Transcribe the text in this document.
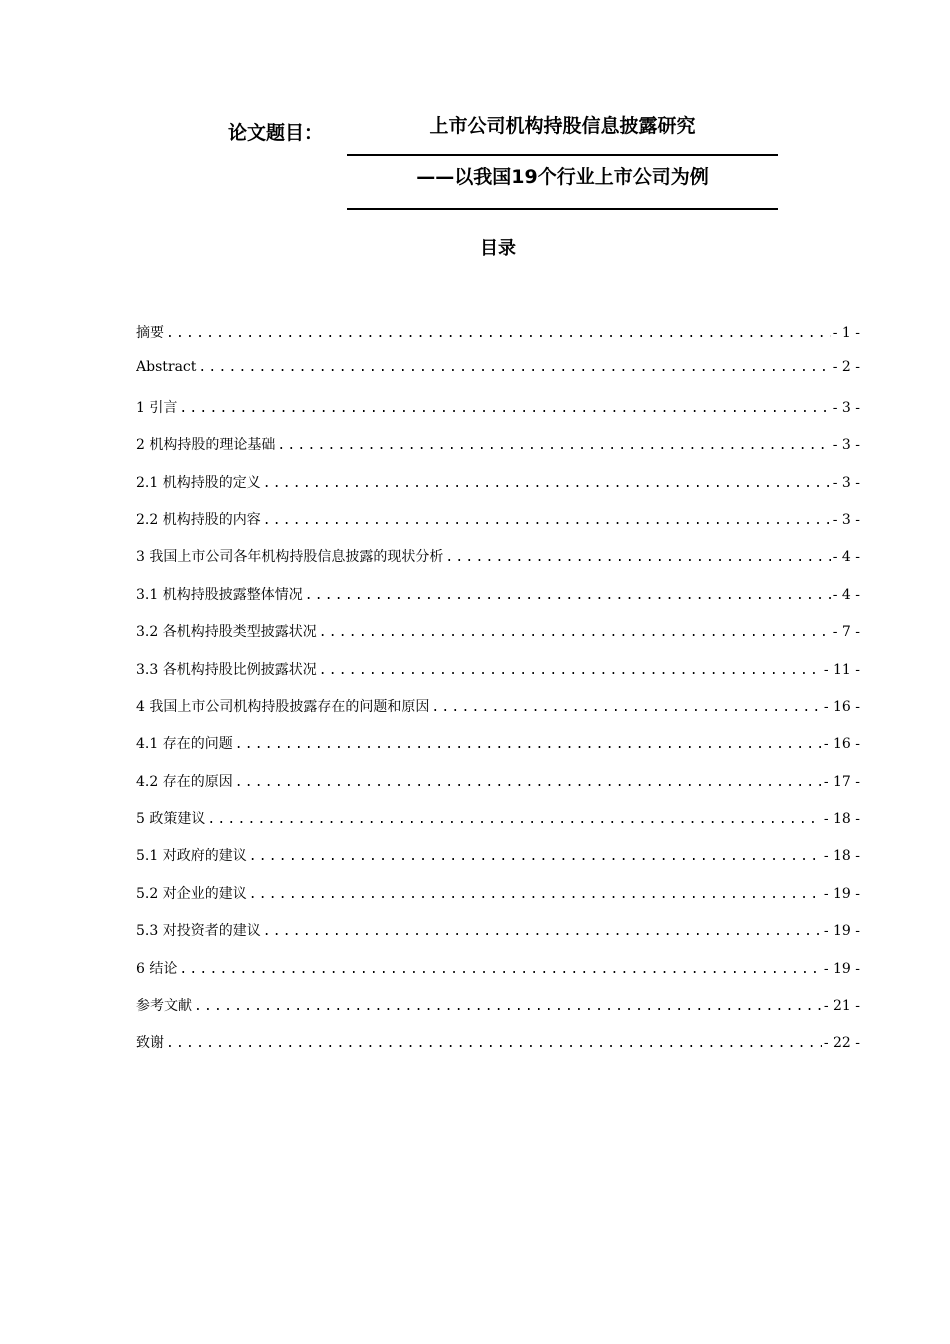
论文题目：	上市公司机构持股信息披露研究
——以我国19个行业上市公司为例
目录
摘要 .....	- 1 -
Abstract .....	- 2 -
1 引言 .....	- 3 -
2 机构持股的理论基础 .....	- 3 -
2.1 机构持股的定义 .....	- 3 -
2.2 机构持股的内容 .....	- 3 -
3 我国上市公司各年机构持股信息披露的现状分析 .....	- 4 -
3.1 机构持股披露整体情况 .....	- 4 -
3.2 各机构持股类型披露状况 .....	- 7 -
3.3 各机构持股比例披露状况 .....	- 11 -
4 我国上市公司机构持股披露存在的问题和原因 .....	- 16 -
4.1 存在的问题 .....	- 16 -
4.2 存在的原因 .....	- 17 -
5 政策建议 .....	- 18 -
5.1 对政府的建议 .....	- 18 -
5.2 对企业的建议 .....	- 19 -
5.3 对投资者的建议 .....	- 19 -
6 结论 .....	- 19 -
参考文献 .....	- 21 -
致谢 .....	- 22 -
